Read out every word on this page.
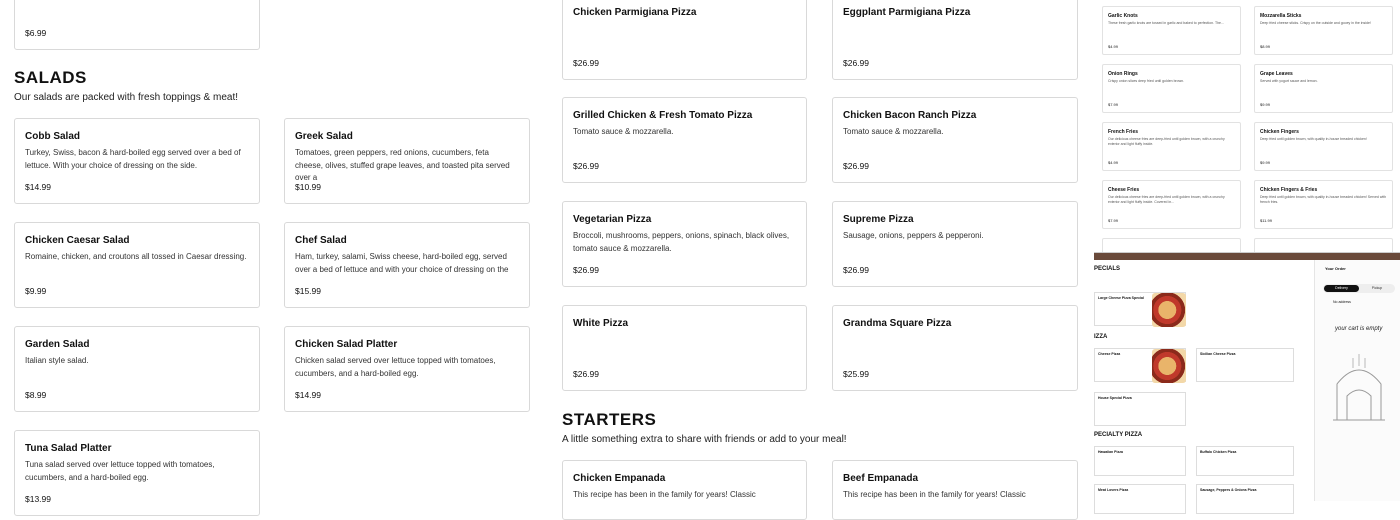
$6.99
SALADS
Our salads are packed with fresh toppings & meat!
Cobb Salad
Turkey, Swiss, bacon & hard-boiled egg served over a bed of lettuce. With your choice of dressing on the side.
$14.99
Greek Salad
Tomatoes, green peppers, red onions, cucumbers, feta cheese, olives, stuffed grape leaves, and toasted pita served over a
$10.99
Chicken Caesar Salad
Romaine, chicken, and croutons all tossed in Caesar dressing.
$9.99
Chef Salad
Ham, turkey, salami, Swiss cheese, hard-boiled egg, served over a bed of lettuce and with your choice of dressing on the
$15.99
Garden Salad
Italian style salad.
$8.99
Chicken Salad Platter
Chicken salad served over lettuce topped with tomatoes, cucumbers, and a hard-boiled egg.
$14.99
Tuna Salad Platter
Tuna salad served over lettuce topped with tomatoes, cucumbers, and a hard-boiled egg.
$13.99
Chicken Parmigiana Pizza
$26.99
Eggplant Parmigiana Pizza
$26.99
Grilled Chicken & Fresh Tomato Pizza
Tomato sauce & mozzarella.
$26.99
Chicken Bacon Ranch Pizza
Tomato sauce & mozzarella.
$26.99
Vegetarian Pizza
Broccoli, mushrooms, peppers, onions, spinach, black olives, tomato sauce & mozzarella.
$26.99
Supreme Pizza
Sausage, onions, peppers & pepperoni.
$26.99
White Pizza
$26.99
Grandma Square Pizza
$25.99
STARTERS
A little something extra to share with friends or add to your meal!
Chicken Empanada
This recipe has been in the family for years! Classic
Beef Empanada
This recipe has been in the family for years! Classic
Garlic Knots
These fresh garlic knots are tossed in garlic and baked to perfection. The...
$4.99
Mozzarella Sticks
Deep fried cheese sticks. Crispy on the outside and gooey in the inside!
$8.99
Onion Rings
Crispy onion slices deep fried until golden brown.
$7.99
Grape Leaves
Served with yogurt sauce and lemon.
$9.99
French Fries
Our delicious cheese fries are deep-fried until golden brown, with a crunchy exterior and light fluffy inside.
$4.99
Chicken Fingers
Deep fried until golden brown, with quality in-house breaded chicken!
$9.99
Cheese Fries
Our delicious cheese fries are deep-fried until golden brown, with a crunchy exterior and light fluffy inside. Covered in...
$7.99
Chicken Fingers & Fries
Deep fried until golden brown, with quality in-house breaded chicken! Served with french fries.
$11.99
PECIALS
Large Cheese Pizza Special
IZZA
Cheese Pizza	Sicilian Cheese Pizza
House Special Pizza
PECIALTY PIZZA
Hawaiian Pizza	Buffalo Chicken Pizza
Meat Lovers Pizza	Sausage, Peppers & Onions Pizza
Your Order
Delivery	Pickup
No address
your cart is empty
